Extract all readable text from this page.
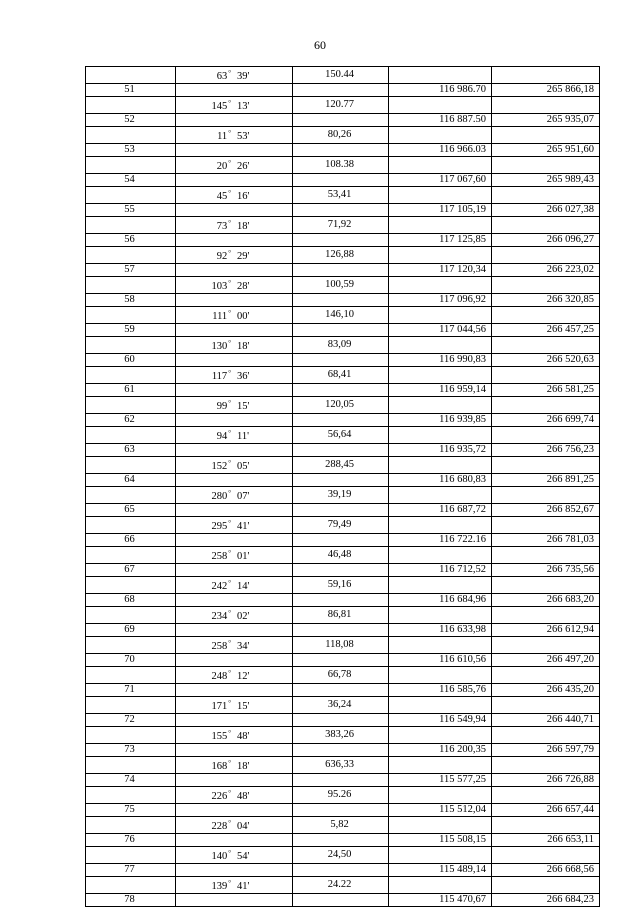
60
	63° 39'	150.44		
51			116 986.70	265 866,18
	145° 13'	120.77		
52			116 887.50	265 935,07
	11° 53'	80,26		
53			116 966.03	265 951,60
	20° 26'	108.38		
54			117 067,60	265 989,43
	45° 16'	53,41		
55			117 105,19	266 027,38
	73° 18'	71,92		
56			117 125,85	266 096,27
	92° 29'	126,88		
57			117 120,34	266 223,02
	103° 28'	100,59		
58			117 096,92	266 320,85
	111° 00'	146,10		
59			117 044,56	266 457,25
	130° 18'	83,09		
60			116 990,83	266 520,63
	117° 36'	68,41		
61			116 959,14	266 581,25
	99° 15'	120,05		
62			116 939,85	266 699,74
	94° 11'	56,64		
63			116 935,72	266 756,23
	152° 05'	288,45		
64			116 680,83	266 891,25
	280° 07'	39,19		
65			116 687,72	266 852,67
	295° 41'	79,49		
66			116 722.16	266 781,03
	258° 01'	46,48		
67			116 712,52	266 735,56
	242° 14'	59,16		
68			116 684,96	266 683,20
	234° 02'	86,81		
69			116 633,98	266 612,94
	258° 34'	118,08		
70			116 610,56	266 497,20
	248° 12'	66,78		
71			116 585,76	266 435,20
	171° 15'	36,24		
72			116 549,94	266 440,71
	155° 48'	383,26		
73			116 200,35	266 597,79
	168° 18'	636,33		
74			115 577,25	266 726,88
	226° 48'	95.26		
75			115 512,04	266 657,44
	228° 04'	5,82		
76			115 508,15	266 653,11
	140° 54'	24,50		
77			115 489,14	266 668,56
	139° 41'	24.22		
78			115 470,67	266 684,23
